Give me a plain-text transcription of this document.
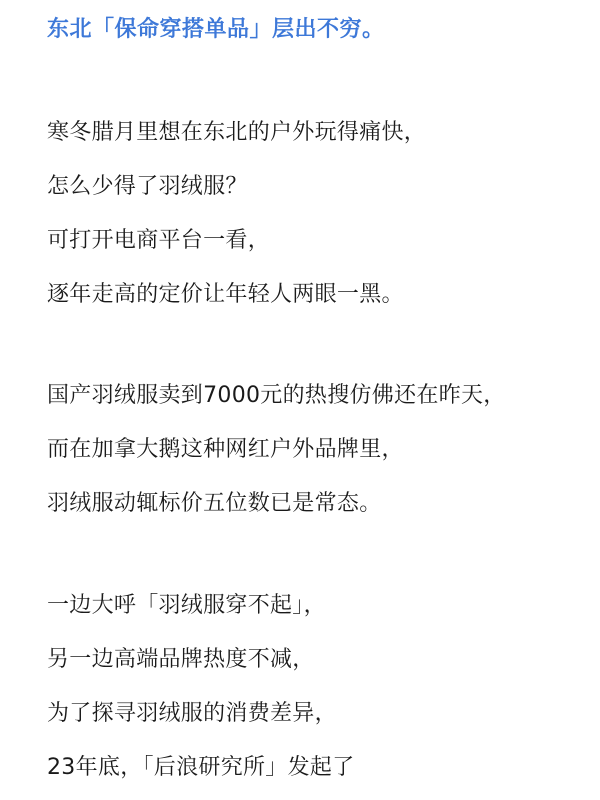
东北「保命穿搭单品」层出不穷。

寒冬腊月里想在东北的户外玩得痛快，
怎么少得了羽绒服？
可打开电商平台一看，
逐年走高的定价让年轻人两眼一黑。

国产羽绒服卖到7000元的热搜仿佛还在昨天，
而在加拿大鹅这种网红户外品牌里，
羽绒服动辄标价五位数已是常态。

一边大呼「羽绒服穿不起」，
另一边高端品牌热度不减，
为了探寻羽绒服的消费差异，
23年底，「后浪研究所」发起了
